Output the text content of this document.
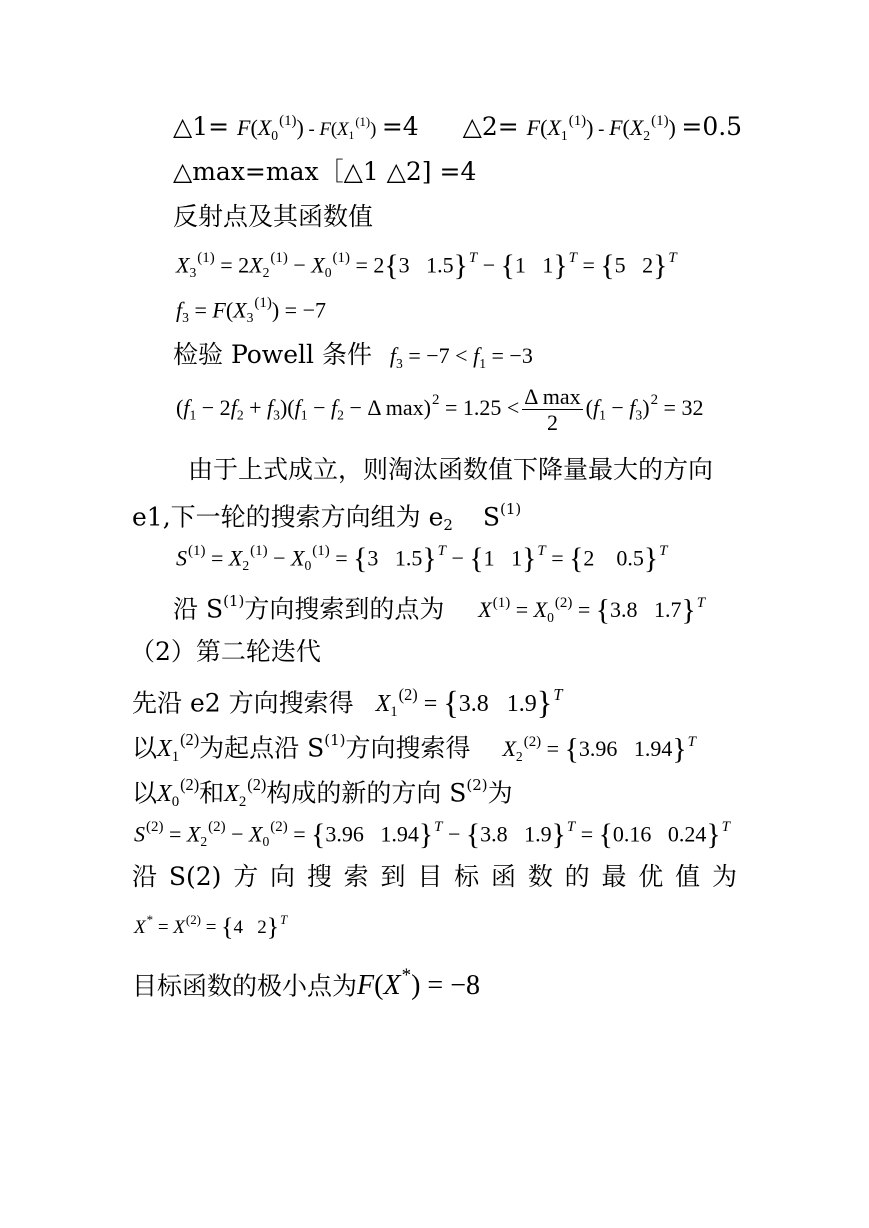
△1= $F(X_0^{(1)}) - F(X_1^{(1)}) =4$ △2= $F(X_1^{(1)}) - F(X_2^{(1)}) =0.5$
△max=max［△1 △2] =4
反射点及其函数值
$X_3^{(1)} = 2X_2^{(1)} - X_0^{(1)} = 2\{3$   1.5}$^T$ − {1   1}$^T$ = {5   2}$^T$
$f_3 = F(X_3^{(1)}) = -7$
检验 Powell 条件 $f_3 = -7 < f_1 = -3$
$(f_1 - 2f_2 + f_3)(f_1 - f_2 - \Delta$ $\max)^2 = 1.25 < \frac{\text{Δ max}}{2} (f_1 - f_3)^2 = 32$
由于上式成立，则淘汰函数值下降量最大的方向
e1,下一轮的搜索方向组为 $e_2$ $S^{(1)}$
$S^{(1)} = X_2^{(1)} - X_0^{(1)} = \{3$   1.5}$^T$ − {1   1}$^T$ = {2    0.5}$^T$
沿 $S^{(1)}$方向搜索到的点为 $X^{(1)} = X_0^{(2)} = \{3.8$   1.7}$^T$
（2）第二轮迭代
先沿 e2 方向搜索得 $X_1^{(2)} = \{3.8$   1.9}$^T$
以$X_1^{(2)}$为起点沿 $S^{(1)}$方向搜索得 $X_2^{(2)} = \{3.96$   1.94}$^T$
以$X_0^{(2)}$和$X_2^{(2)}$构成的新的方向 $S^{(2)}$为
$S^{(2)} = X_2^{(2)} - X_0^{(2)} = \{3.96$   1.94}$^T$ − {3.8   1.9}$^T$ = {0.16   0.24}$^T$
沿 S(2) 方 向 搜 索 到 目 标 函 数 的 最 优 值 为
$X^* = X^{(2)} = \{4$   2}$^T$
目标函数的极小点为F(X*) = −8
